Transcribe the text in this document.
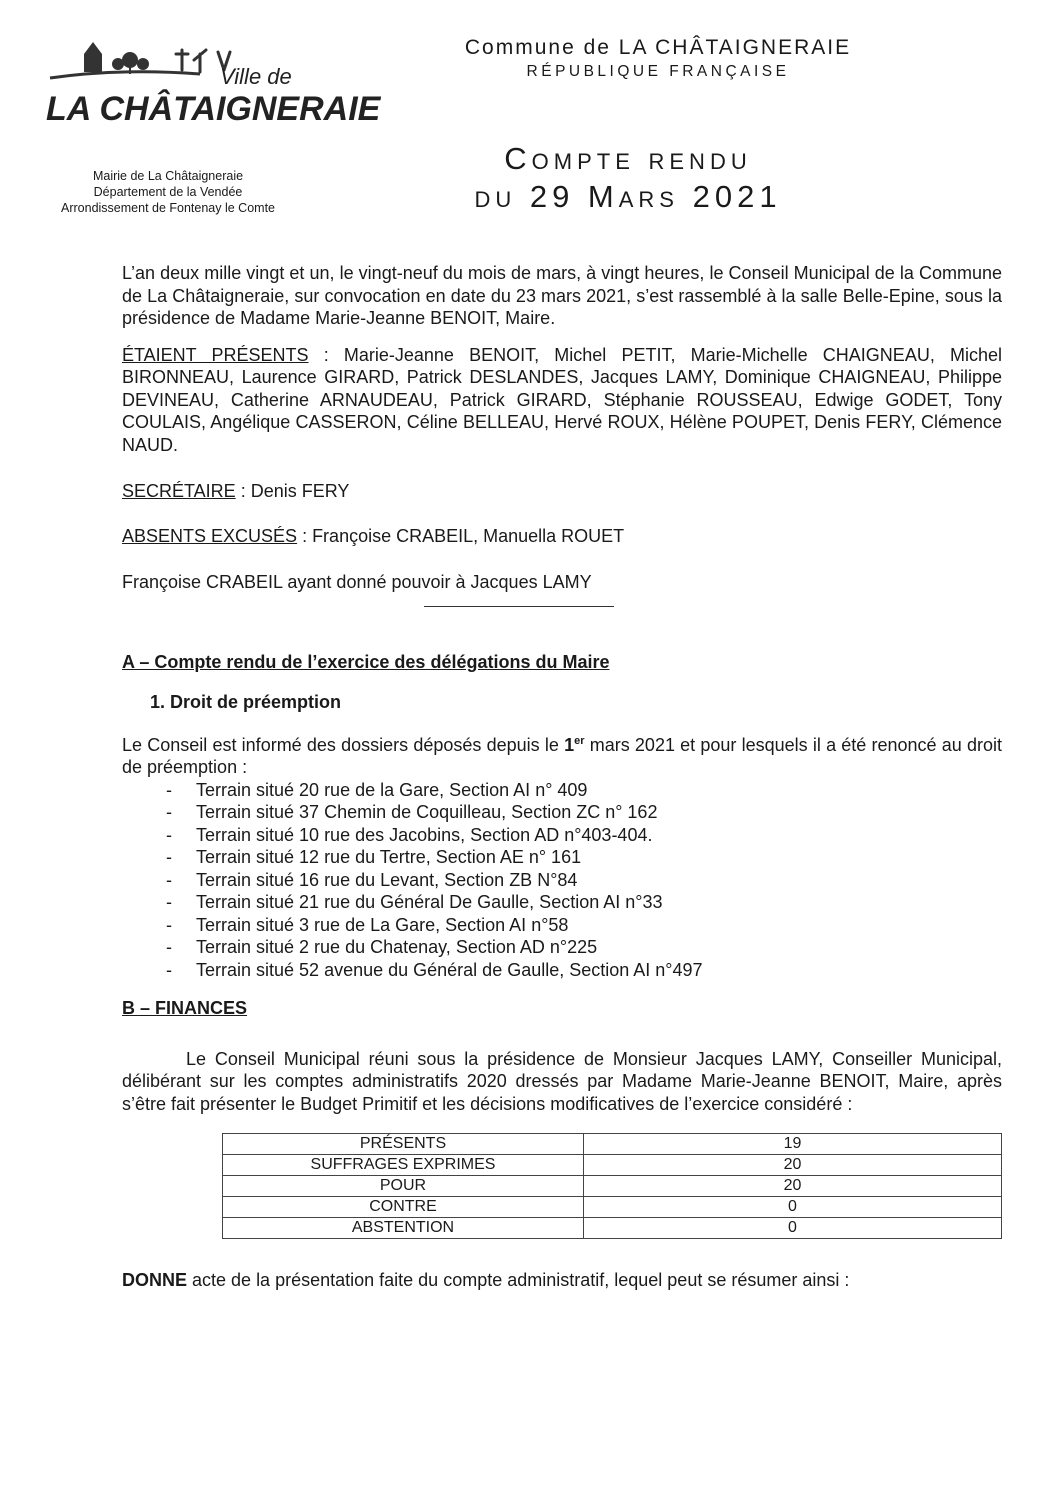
Ville de
LA CHÂTAIGNERAIE
Mairie de La Châtaigneraie
Département de la Vendée
Arrondissement de Fontenay le Comte
Commune de LA CHÂTAIGNERAIE
RÉPUBLIQUE FRANÇAISE
Compte rendu
du 29 Mars 2021

L’an deux mille vingt et un, le vingt-neuf du mois de mars, à vingt heures, le Conseil Municipal de la Commune de La Châtaigneraie, sur convocation en date du 23 mars 2021, s’est rassemblé à la salle Belle-Epine, sous la présidence de Madame Marie-Jeanne BENOIT, Maire.

ÉTAIENT PRÉSENTS : Marie-Jeanne BENOIT, Michel PETIT, Marie-Michelle CHAIGNEAU, Michel BIRONNEAU, Laurence GIRARD, Patrick DESLANDES, Jacques LAMY, Dominique CHAIGNEAU, Philippe DEVINEAU, Catherine ARNAUDEAU, Patrick GIRARD, Stéphanie ROUSSEAU, Edwige GODET, Tony COULAIS, Angélique CASSERON, Céline BELLEAU, Hervé ROUX, Hélène POUPET, Denis FERY, Clémence NAUD.

SECRÉTAIRE : Denis FERY

ABSENTS EXCUSÉS : Françoise CRABEIL, Manuella ROUET

Françoise CRABEIL ayant donné pouvoir à Jacques LAMY

A – Compte rendu de l’exercice des délégations du Maire
1. Droit de préemption

Le Conseil est informé des dossiers déposés depuis le 1er mars 2021 et pour lesquels il a été renoncé au droit de préemption :

- Terrain situé 20 rue de la Gare, Section AI n° 409
- Terrain situé 37 Chemin de Coquilleau, Section ZC n° 162
- Terrain situé 10 rue des Jacobins, Section AD n°403-404.
- Terrain situé 12 rue du Tertre, Section AE n° 161
- Terrain situé 16 rue du Levant, Section ZB N°84
- Terrain situé 21 rue du Général De Gaulle, Section AI n°33
- Terrain situé 3 rue de La Gare, Section AI n°58
- Terrain situé 2 rue du Chatenay, Section AD n°225
- Terrain situé 52 avenue du Général de Gaulle, Section AI n°497
B – FINANCES

Le Conseil Municipal réuni sous la présidence de Monsieur Jacques LAMY, Conseiller Municipal, délibérant sur les comptes administratifs 2020 dressés par Madame Marie-Jeanne BENOIT, Maire, après s’être fait présenter le Budget Primitif et les décisions modificatives de l’exercice considéré :

PRÉSENTS	19
SUFFRAGES EXPRIMES	20
POUR	20
CONTRE	0
ABSTENTION	0

DONNE acte de la présentation faite du compte administratif, lequel peut se résumer ainsi :
